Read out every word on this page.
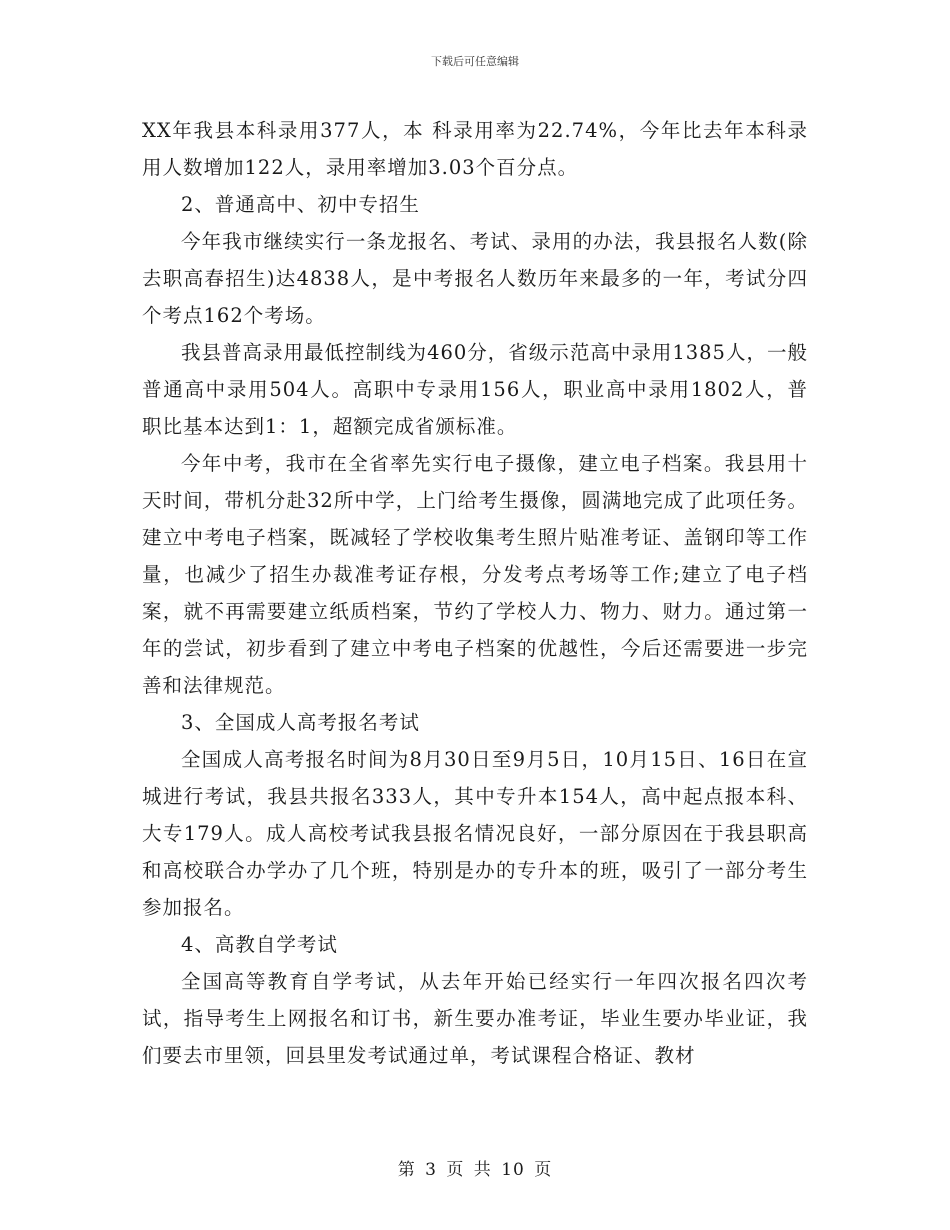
下载后可任意编辑

XX年我县本科录用377人，本 科录用率为22.74%，今年比去年本科录用人数增加122人，录用率增加3.03个百分点。

2、普通高中、初中专招生

今年我市继续实行一条龙报名、考试、录用的办法，我县报名人数(除去职高春招生)达4838人，是中考报名人数历年来最多的一年，考试分四个考点162个考场。

我县普高录用最低控制线为460分，省级示范高中录用1385人，一般普通高中录用504人。高职中专录用156人，职业高中录用1802人，普职比基本达到1：1，超额完成省颁标准。

今年中考，我市在全省率先实行电子摄像，建立电子档案。我县用十天时间，带机分赴32所中学，上门给考生摄像，圆满地完成了此项任务。建立中考电子档案，既减轻了学校收集考生照片贴准考证、盖钢印等工作量，也减少了招生办裁准考证存根，分发考点考场等工作;建立了电子档案，就不再需要建立纸质档案，节约了学校人力、物力、财力。通过第一年的尝试，初步看到了建立中考电子档案的优越性，今后还需要进一步完善和法律规范。

3、全国成人高考报名考试

全国成人高考报名时间为8月30日至9月5日，10月15日、16日在宣城进行考试，我县共报名333人，其中专升本154人，高中起点报本科、大专179人。成人高校考试我县报名情况良好，一部分原因在于我县职高和高校联合办学办了几个班，特别是办的专升本的班，吸引了一部分考生参加报名。

4、高教自学考试

全国高等教育自学考试，从去年开始已经实行一年四次报名四次考试，指导考生上网报名和订书，新生要办准考证，毕业生要办毕业证，我们要去市里领，回县里发考试通过单，考试课程合格证、教材

第 3 页 共 10 页
